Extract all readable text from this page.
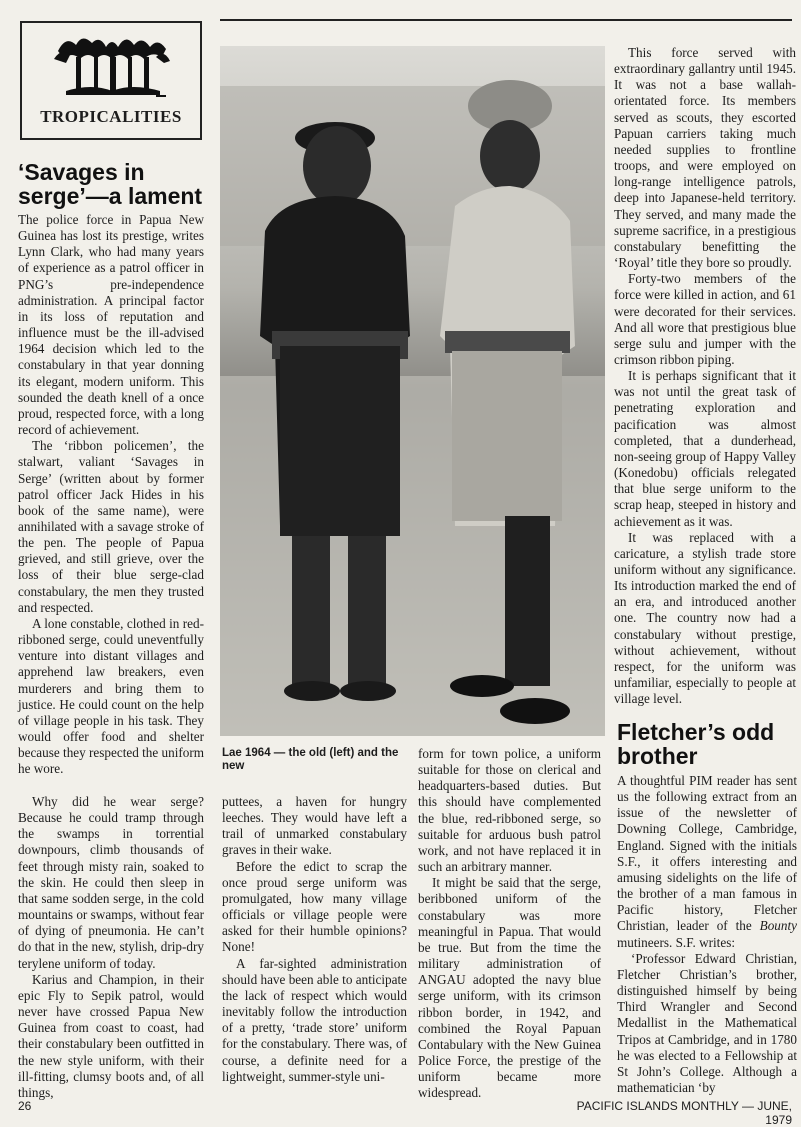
TROPICALITIES
‘Savages in serge’—a lament

The police force in Papua New Guinea has lost its prestige, writes Lynn Clark, who had many years of experience as a patrol officer in PNG’s pre-independence administration. A principal factor in its loss of reputation and influence must be the ill-advised 1964 decision which led to the constabulary in that year donning its elegant, modern uniform. This sounded the death knell of a once proud, respected force, with a long record of achievement.

The ‘ribbon policemen’, the stalwart, valiant ‘Savages in Serge’ (written about by former patrol officer Jack Hides in his book of the same name), were annihilated with a savage stroke of the pen. The people of Papua grieved, and still grieve, over the loss of their blue serge-clad constabulary, the men they trusted and respected.

A lone constable, clothed in red-ribboned serge, could uneventfully venture into distant villages and apprehend law breakers, even murderers and bring them to justice. He could count on the help of village people in his task. They would offer food and shelter because they respected the uniform he wore.

Why did he wear serge? Because he could tramp through the swamps in torrential downpours, climb thousands of feet through misty rain, soaked to the skin. He could then sleep in that same sodden serge, in the cold mountains or swamps, without fear of dying of pneumonia. He can’t do that in the new, stylish, drip-dry terylene uniform of today.

Karius and Champion, in their epic Fly to Sepik patrol, would never have crossed Papua New Guinea from coast to coast, had their constabulary been outfitted in the new style uniform, with their ill-fitting, clumsy boots and, of all things,

Lae 1964 — the old (left) and the new

puttees, a haven for hungry leeches. They would have left a trail of unmarked constabulary graves in their wake.

Before the edict to scrap the once proud serge uniform was promulgated, how many village officials or village people were asked for their humble opinions? None!

A far-sighted administration should have been able to anticipate the lack of respect which would inevitably follow the introduction of a pretty, ‘trade store’ uniform for the constabulary. There was, of course, a definite need for a lightweight, summer-style uni-

form for town police, a uniform suitable for those on clerical and headquarters-based duties. But this should have complemented the blue, red-ribboned serge, so suitable for arduous bush patrol work, and not have replaced it in such an arbitrary manner.

It might be said that the serge, beribboned uniform of the constabulary was more meaningful in Papua. That would be true. But from the time the military administration of ANGAU adopted the navy blue serge uniform, with its crimson ribbon border, in 1942, and combined the Royal Papuan Contabulary with the New Guinea Police Force, the prestige of the uniform became more widespread.

This force served with extraordinary gallantry until 1945. It was not a base wallah-orientated force. Its members served as scouts, they escorted Papuan carriers taking much needed supplies to frontline troops, and were employed on long-range intelligence patrols, deep into Japanese-held territory. They served, and many made the supreme sacrifice, in a prestigious constabulary benefitting the ‘Royal’ title they bore so proudly.

Forty-two members of the force were killed in action, and 61 were decorated for their services. And all wore that prestigious blue serge sulu and jumper with the crimson ribbon piping.

It is perhaps significant that it was not until the great task of penetrating exploration and pacification was almost completed, that a dunderhead, non-seeing group of Happy Valley (Konedobu) officials relegated that blue serge uniform to the scrap heap, steeped in history and achievement as it was.

It was replaced with a caricature, a stylish trade store uniform without any significance. Its introduction marked the end of an era, and introduced another one. The country now had a constabulary without prestige, without achievement, without respect, for the uniform was unfamiliar, especially to people at village level.

Fletcher’s odd brother

A thoughtful PIM reader has sent us the following extract from an issue of the newsletter of Downing College, Cambridge, England. Signed with the initials S.F., it offers interesting and amusing sidelights on the life of the brother of a man famous in Pacific history, Fletcher Christian, leader of the Bounty mutineers. S.F. writes:

‘Professor Edward Christian, Fletcher Christian’s brother, distinguished himself by being Third Wrangler and Second Medallist in the Mathematical Tripos at Cambridge, and in 1780 he was elected to a Fellowship at St John’s College. Although a mathematician ‘by

26	PACIFIC ISLANDS MONTHLY — JUNE, 1979
